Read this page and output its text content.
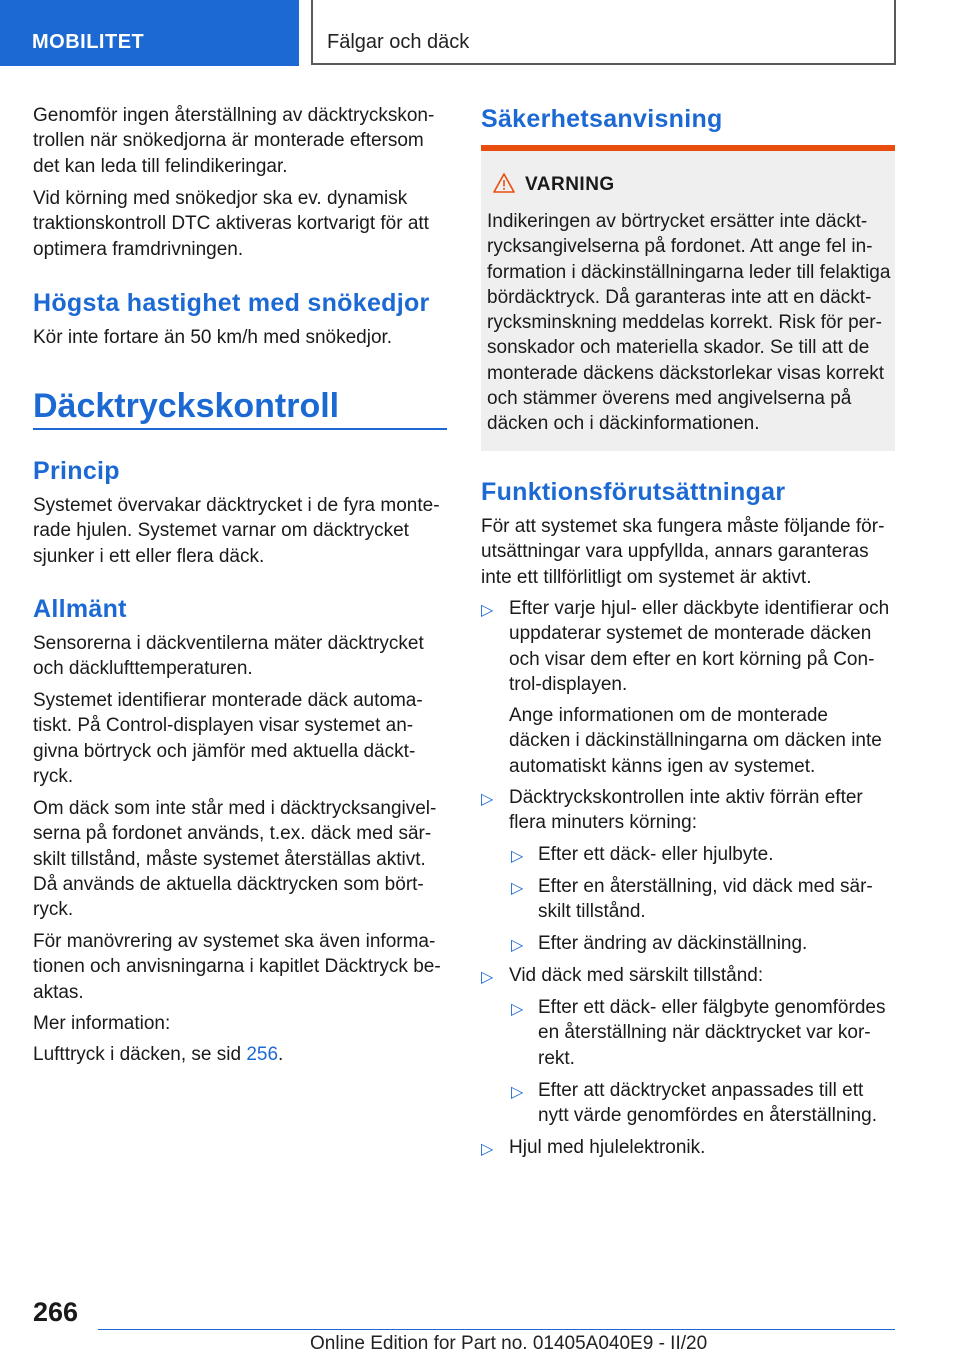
MOBILITET	Fälgar och däck

Genomför ingen återställning av däcktryckskon-
trollen när snökedjorna är monterade eftersom
det kan leda till felindikeringar.

Vid körning med snökedjor ska ev. dynamisk
traktionskontroll DTC aktiveras kortvarigt för att
optimera framdrivningen.

Högsta hastighet med snökedjor

Kör inte fortare än 50 km/h med snökedjor.

Däcktryckskontroll
Princip

Systemet övervakar däcktrycket i de fyra monte-
rade hjulen. Systemet varnar om däcktrycket
sjunker i ett eller flera däck.

Allmänt

Sensorerna i däckventilerna mäter däcktrycket
och däcklufttemperaturen.

Systemet identifierar monterade däck automa-
tiskt. På Control-displayen visar systemet an-
givna börtryck och jämför med aktuella däckt-
ryck.

Om däck som inte står med i däcktrycksangivel-
serna på fordonet används, t.ex. däck med sär-
skilt tillstånd, måste systemet återställas aktivt.
Då används de aktuella däcktrycken som bört-
ryck.

För manövrering av systemet ska även informa-
tionen och anvisningarna i kapitlet Däcktryck be-
aktas.

Mer information:

Lufttryck i däcken, se sid 256.

Säkerhetsanvisning
VARNING

Indikeringen av börtrycket ersätter inte däckt-
rycksangivelserna på fordonet. Att ange fel in-
formation i däckinställningarna leder till felaktiga
bördäcktryck. Då garanteras inte att en däckt-
rycksminskning meddelas korrekt. Risk för per-
sonskador och materiella skador. Se till att de
monterade däckens däckstorlekar visas korrekt
och stämmer överens med angivelserna på
däcken och i däckinformationen.

Funktionsförutsättningar

För att systemet ska fungera måste följande för-
utsättningar vara uppfyllda, annars garanteras
inte ett tillförlitligt om systemet är aktivt.

▷ Efter varje hjul- eller däckbyte identifierar och
uppdaterar systemet de monterade däcken
och visar dem efter en kort körning på Con-
trol-displayen.

Ange informationen om de monterade
däcken i däckinställningarna om däcken inte
automatiskt känns igen av systemet.

▷ Däcktryckskontrollen inte aktiv förrän efter
flera minuters körning:

▷ Efter ett däck- eller hjulbyte.

▷ Efter en återställning, vid däck med sär-
skilt tillstånd.

▷ Efter ändring av däckinställning.

▷ Vid däck med särskilt tillstånd:

▷ Efter ett däck- eller fälgbyte genomfördes
en återställning när däcktrycket var kor-
rekt.

▷ Efter att däcktrycket anpassades till ett
nytt värde genomfördes en återställning.

▷ Hjul med hjulelektronik.

266
Online Edition for Part no. 01405A040E9 - II/20
